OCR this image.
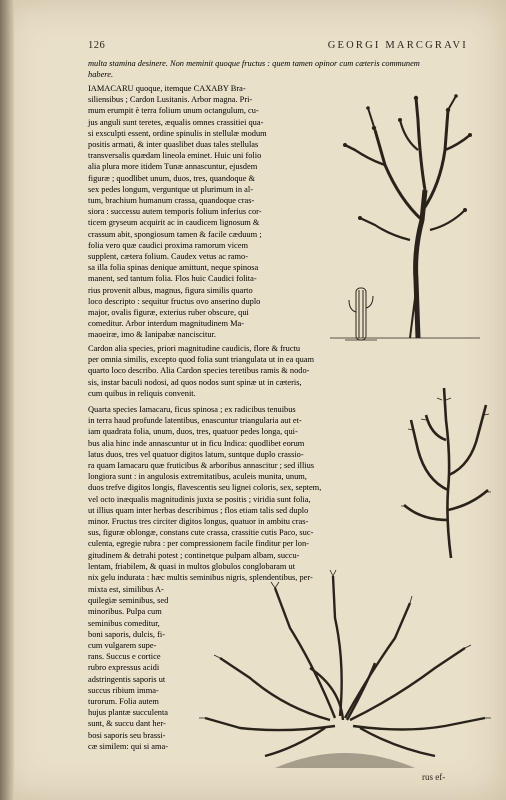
126	GEORGI MARCGRAVI
multa stamina desinere. Non meminit quoque fructus : quem tamen opinor cum cæteris communem
habere.
IAMACARU quoque, itemque CAXABY Bra-
siliensibus ; Cardon Lusitanis. Arbor magna. Pri-
mum erumpit è terra folium unum octangulum, cu-
jus anguli sunt teretes, æqualis omnes crassitiei qua-
si exsculpti essent, ordine spinulis in stellulæ modum
positis armati, & inter quaslibet duas tales stellulas
transversalis quædam lineola eminet. Huic uni folio
alia plura more itidem Tunæ annascuntur, ejusdem
figuræ ; quodlibet unum, duos, tres, quandoque &
sex pedes longum, verguntque ut plurimum in al-
tum, brachium humanum crassa, quandoque cras-
siora : successu autem temporis folium inferius cor-
ticem gryseum acquirit ac in caudicem lignosum &
crassum abit, spongiosum tamen & facile cæduum ;
folia vero quæ caudici proxima ramorum vicem
supplent, cætera folium. Caudex vetus ac ramo-
sa illa folia spinas denique amittunt, neque spinosa
manent, sed tantum folia. Flos huic Caudici folita-
rius provenit albus, magnus, figura similis quarto
loco descripto : sequitur fructus ovo anserino duplo
major, ovalis figuræ, exterius ruber obscure, qui
comeditur. Arbor interdum magnitudinem Ma-
maoeiræ, imo & Ianipabæ nanciscitur.
Cardon alia species, priori magnitudine caudicis, flore & fructu
per omnia similis, excepto quod folia sunt triangulata ut in ea quam
quarto loco describo. Alia Cardon species teretibus ramis & nodo-
sis, instar baculi nodosi, ad quos nodos sunt spinæ ut in cæteris,
cum quibus in reliquis convenit.
Quarta species Iamacaru, ficus spinosa ; ex radicibus tenuibus
in terra haud profunde latentibus, enascuntur triangularia aut et-
iam quadrata folia, unum, duos, tres, quatuor pedes longa, qui-
bus alia hinc inde annascuntur ut in ficu Indica: quodlibet eorum
latus duos, tres vel quatuor digitos latum, suntque duplo crassio-
ra quam Iamacaru quæ fruticibus & arboribus annascitur ; sed illius
longiora sunt : in angulosis extremitatibus, aculeis munita, unum,
duos trefve digitos longis, flavescentis seu lignei coloris, sex, septem,
vel octo inæqualis magnitudinis juxta se positis ; viridia sunt folia,
ut illius quam inter herbas describimus ; flos etiam talis sed duplo
minor. Fructus tres circiter digitos longus, quatuor in ambitu cras-
sus, figuræ oblongæ, constans cute crassa, crassitie cutis Paco, suc-
culenta, egregie rubra : per compressionem facile finditur per lon-
gitudinem & detrahi potest ; continetque pulpam albam, succu-
lentam, friabilem, & quasi in multos globulos conglobaram ut
nix gelu indurata : hæc multis seminibus nigris, splendentibus, per-
mixta est, similibus A-
quilegiæ seminibus, sed
minoribus. Pulpa cum
seminibus comeditur,
boni saporis, dulcis, fi-
cum vulgarem supe-
rans. Succus e cortice
rubro expressus acidi
adstringentis saporis ut
succus ribium imma-
turorum. Folia autem
hujus plantæ succulenta
sunt, & succu dant her-
bosi saporis seu brassi-
cæ similem: qui si ama-
rus ef-
